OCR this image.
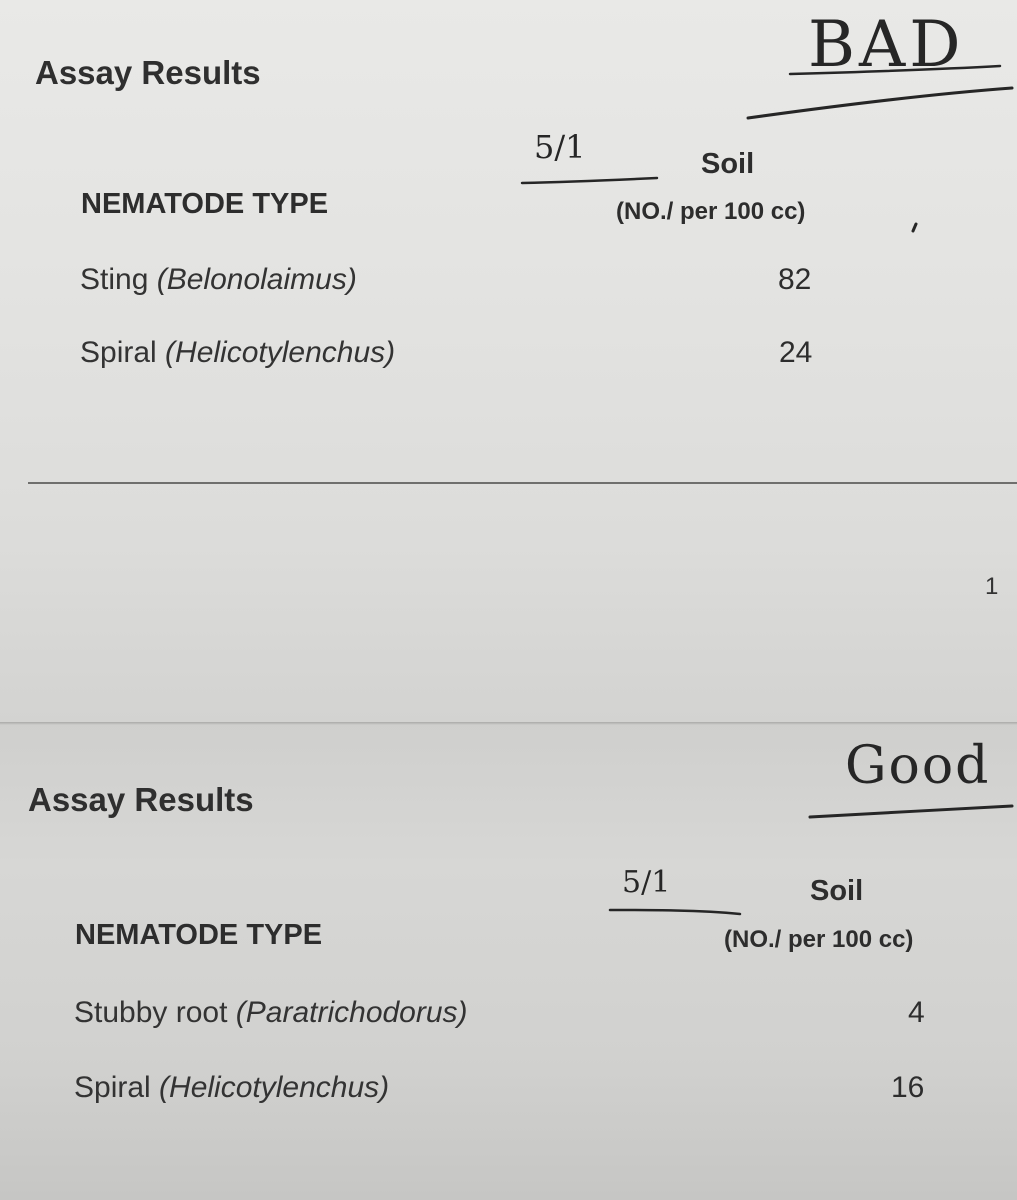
Assay Results	BAD
5/1	Soil
NEMATODE TYPE	(NO./ per 100 cc)
Sting (Belonolaimus)	82
Spiral (Helicotylenchus)	24
1
Assay Results
Good
5/1	Soil
NEMATODE TYPE	(NO./ per 100 cc)
Stubby root (Paratrichodorus)	4
Spiral (Helicotylenchus)	16
